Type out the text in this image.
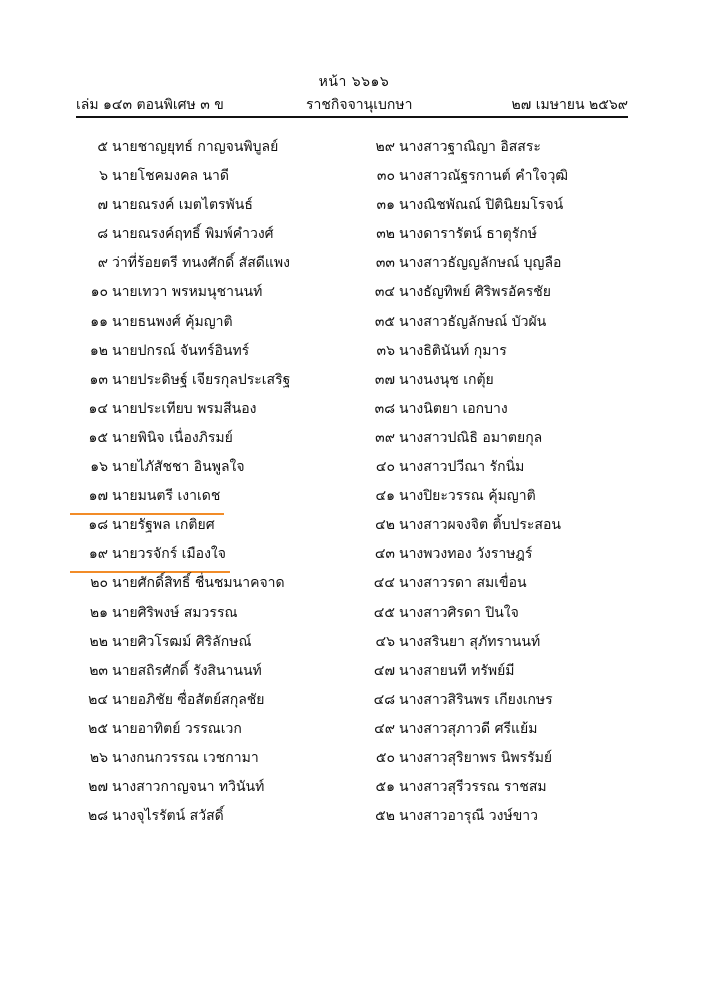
หน้า ๖๖๑๖
เล่ม ๑๔๓ ตอนพิเศษ ๓ ข	ราชกิจจานุเบกษา	๒๗ เมษายน ๒๕๖๙
๕ นายชาญยุทธ์ กาญจนพิบูลย์
๖ นายโชคมงคล นาดี
๗ นายณรงค์ เมตไตรพันธ์
๘ นายณรงค์ฤทธิ์ พิมพ์คำวงศ์
๙ ว่าที่ร้อยตรี ทนงศักดิ์ สัสดีแพง
๑๐ นายเทวา พรหมนุชานนท์
๑๑ นายธนพงศ์ คุ้มญาติ
๑๒ นายปกรณ์ จันทร์อินทร์
๑๓ นายประดิษฐ์ เจียรกุลประเสริฐ
๑๔ นายประเทียบ พรมสีนอง
๑๕ นายพินิจ เนื่องภิรมย์
๑๖ นายไภัสัชชา อินพูลใจ
๑๗ นายมนตรี เงาเดช
๑๘ นายรัฐพล เกติยศ
๑๙ นายวรจักร์ เมืองใจ
๒๐ นายศักดิ์สิทธิ์ ชื่นชมนาคจาด
๒๑ นายศิริพงษ์ สมวรรณ
๒๒ นายศิวโรฒม์ ศิริลักษณ์
๒๓ นายสถิรศักดิ์ รังสินานนท์
๒๔ นายอภิชัย ซื่อสัตย์สกุลชัย
๒๕ นายอาทิตย์ วรรณเวก
๒๖ นางกนกวรรณ เวชกามา
๒๗ นางสาวกาญจนา ทวินันท์
๒๘ นางจุไรรัตน์ สวัสดิ์
๒๙ นางสาวฐาณิญา อิสสระ
๓๐ นางสาวณัฐรกานต์ คำใจวุฒิ
๓๑ นางณิชพัณณ์ ปิตินิยมโรจน์
๓๒ นางดารารัตน์ ธาตุรักษ์
๓๓ นางสาวธัญญลักษณ์ บุญลือ
๓๔ นางธัญทิพย์ ศิริพรอัครชัย
๓๕ นางสาวธัญลักษณ์ บัวผัน
๓๖ นางธิตินันท์ กุมาร
๓๗ นางนงนุช เกตุ้ย
๓๘ นางนิตยา เอกบาง
๓๙ นางสาวปณิธิ อมาตยกุล
๔๐ นางสาวปวีณา รักนิ่ม
๔๑ นางปิยะวรรณ คุ้มญาติ
๔๒ นางสาวผจงจิต ติ้บประสอน
๔๓ นางพวงทอง วังราษฎร์
๔๔ นางสาวรดา สมเขื่อน
๔๕ นางสาวศิรดา ปินใจ
๔๖ นางสรินยา สุภัทรานนท์
๔๗ นางสายนที ทรัพย์มี
๔๘ นางสาวสิรินพร เกียงเกษร
๔๙ นางสาวสุภาวดี ศรีแย้ม
๕๐ นางสาวสุริยาพร นิพรรัมย์
๕๑ นางสาวสุรีวรรณ ราชสม
๕๒ นางสาวอารุณี วงษ์ขาว
